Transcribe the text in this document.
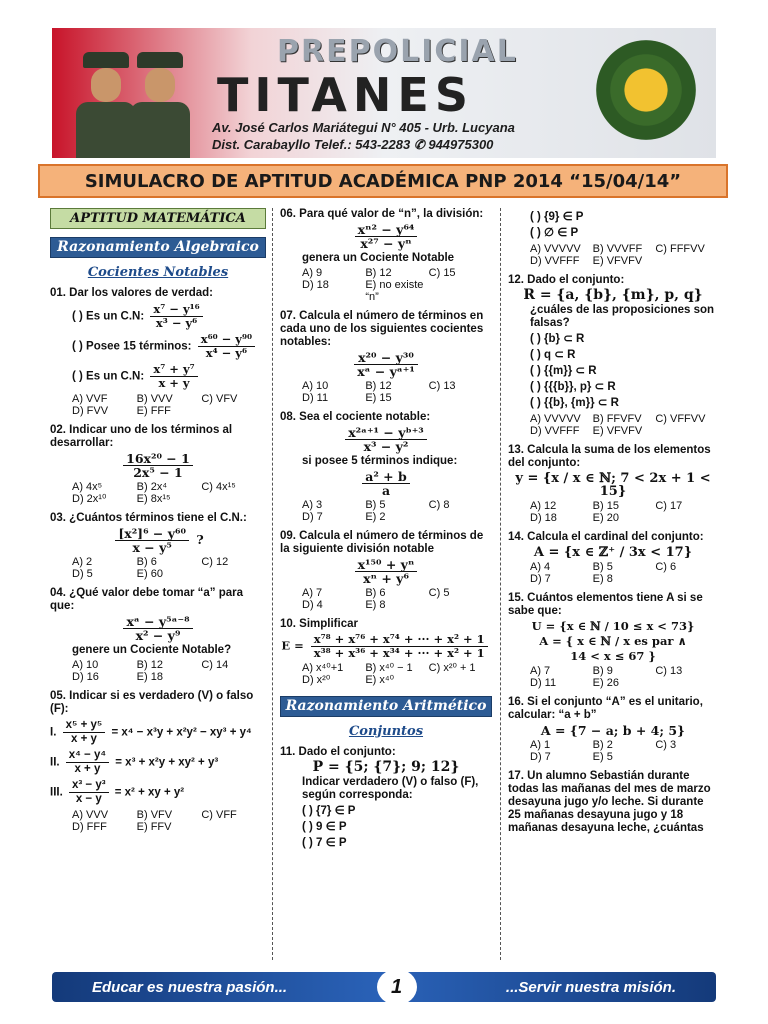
PREPOLICIAL
TITANES
Av. José Carlos Mariátegui N° 405 - Urb. Lucyana
Dist. Carabayllo Telef.: 543-2283 ✆ 944975300
SIMULACRO DE APTITUD ACADÉMICA PNP 2014 “15/04/14”
APTITUD MATEMÁTICA
Razonamiento Algebraico
Cocientes Notables
01. Dar los valores de verdad:
( ) Es un C.N: $\frac{\text{x⁷ − y¹⁶}}{\text{x³ − y⁶}}$
( ) Posee 15 términos: $\frac{\text{x⁶⁰ − y⁹⁰}}{\text{x⁴ − y⁶}}$
( ) Es un C.N: $\frac{\text{x⁷ + y⁷}}{x + y}$
A) VVF	B) VVV	C) VFV
D) FVV	E) FFF
02. Indicar uno de los términos al desarrollar:
$\frac{\text{16x²⁰ − 1}}{\text{2x⁵ − 1}}$
A) 4x⁵	B) 2x⁴	C) 4x¹⁵
D) 2x¹⁰	E) 8x¹⁵
03. ¿Cuántos términos tiene el C.N.:
$\frac{\text{[x²]⁶ − y⁶⁰}}{\text{x − y⁵}}$ ?
A) 2	B) 6	C) 12
D) 5	E) 60
04. ¿Qué valor debe tomar “a” para que:
$\frac{\text{xᵃ − y⁵ᵃ⁻⁸}}{\text{x² − y⁹}}$
genere un Cociente Notable?
A) 10	B) 12	C) 14
D) 16	E) 18
05. Indicar si es verdadero (V) o falso (F):
I. $\frac{\text{x⁵ + y⁵}}{x + y} = x^4 - x^3y + x^2y^2 - xy^3 + y^4$
II. $\frac{\text{x⁴ − y⁴}}{x + y} = x^3 + x^2y + xy^2 + y^3$
III. $\frac{\text{x³ − y³}}{x - y} = x^2$ + xy + y²
A) VVV	B) VFV	C) VFF
D) FFF	E) FFV
06. Para qué valor de “n”, la división:
$\frac{\text{xⁿ² − y⁶⁴}}{\text{x²⁷ − yⁿ}}$
genera un Cociente Notable
A) 9	B) 12	C) 15
D) 18	E) no existe “n”
07. Calcula el número de términos en cada uno de los siguientes cocientes notables:
$\frac{\text{x²⁰ − y³⁰}}{\text{xᵃ − yᵃ⁺¹}}$
A) 10	B) 12	C) 13
D) 11	E) 15
08. Sea el cociente notable:
$\frac{\text{x²ᵃ⁺¹ − yᵇ⁺³}}{\text{x³ − y²}}$
si posee 5 términos indique:
$\frac{\text{a² + b}}{a}$
A) 3	B) 5	C) 8
D) 7	E) 2
09. Calcula el número de términos de la siguiente división notable
$\frac{\text{x¹⁵⁰ + yⁿ}}{\text{xⁿ + y⁶}}$
A) 7	B) 6	C) 5
D) 4	E) 8
10. Simplificar
$E = \frac{\text{x⁷⁸ + x⁷⁶ + x⁷⁴ + ··· + x² + 1}}{\text{x³⁸ + x³⁶ + x³⁴ + ··· + x² + 1}}$
A) x⁴⁰+1	B) x⁴⁰ − 1	C) x²⁰ + 1
D) x²⁰	E) x⁴⁰
Razonamiento Aritmético
Conjuntos
11. Dado el conjunto:
P = {5; {7}; 9; 12}
Indicar verdadero (V) o falso (F), según corresponda:
( ) {7} ∈ P
( ) 9 ∈ P
( ) 7 ∈ P
( ) {9} ∈ P
( ) ∅ ∈ P
A) VVVVV	B) VVVFF	C) FFFVV
D) VVFFF	E) VFVFV
12. Dado el conjunto:
R = {a, {b}, {m}, p, q}
¿cuáles de las proposiciones son falsas?
( ) {b} ⊂ R
( ) q ⊂ R
( ) {{m}} ⊂ R
( ) {{{b}}, p} ⊂ R
( ) {{b}, {m}} ⊂ R
A) VVVVV	B) FFVFV	C) VFFVV
D) VVFFF	E) VFVFV
13. Calcula la suma de los elementos del conjunto:
y = {x / x ∈ ℕ; 7 < 2x + 1 < 15}
A) 12	B) 15	C) 17
D) 18	E) 20
14. Calcula el cardinal del conjunto:
A = {x ∈ ℤ⁺ / 3x < 17}
A) 4	B) 5	C) 6
D) 7	E) 8
15. Cuántos elementos tiene A si se sabe que:
U = {x ∈ ℕ / 10 ≤ x < 73}
A = { x ∈ ℕ / x es par ∧
14 < x ≤ 67 }
A) 7	B) 9	C) 13
D) 11	E) 26
16. Si el conjunto “A” es el unitario, calcular: “a + b”
A = {7 − a; b + 4; 5}
A) 1	B) 2	C) 3
D) 7	E) 5
17. Un alumno Sebastián durante todas las mañanas del mes de marzo desayuna jugo y/o leche. Si durante 25 mañanas desayuna jugo y 18 mañanas desayuna leche, ¿cuántas
Educar es nuestra pasión...	1	...Servir nuestra misión.
